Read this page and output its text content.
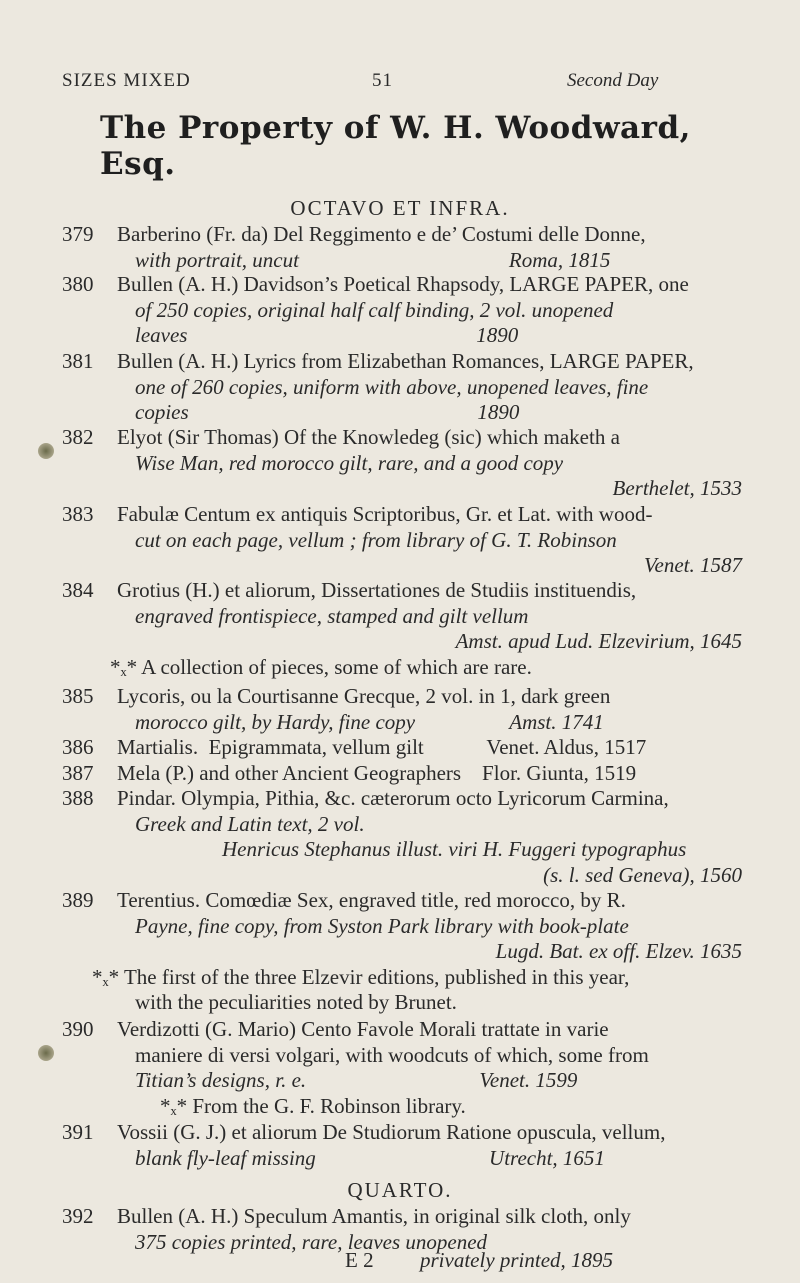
SIZES MIXED	51	Second Day
The Property of W. H. Woodward, Esq.
OCTAVO ET INFRA.
379	Barberino (Fr. da) Del Reggimento e de’ Costumi delle Donne,
with portrait, uncut                                        Roma, 1815
380	Bullen (A. H.) Davidson’s Poetical Rhapsody, LARGE PAPER, one
of 250 copies, original half calf binding, 2 vol. unopened
leaves                                                       1890
381	Bullen (A. H.) Lyrics from Elizabethan Romances, LARGE PAPER,
one of 260 copies, uniform with above, unopened leaves, fine
copies                                                       1890
382	Elyot (Sir Thomas) Of the Knowledeg (sic) which maketh a
Wise Man, red morocco gilt, rare, and a good copy
Berthelet, 1533
383	Fabulæ Centum ex antiquis Scriptoribus, Gr. et Lat. with wood-
cut on each page, vellum ; from library of G. T. Robinson
Venet. 1587
384	Grotius (H.) et aliorum, Dissertationes de Studiis instituendis,
engraved frontispiece, stamped and gilt vellum
Amst. apud Lud. Elzevirium, 1645
*ₓ* A collection of pieces, some of which are rare.
385	Lycoris, ou la Courtisanne Grecque, 2 vol. in 1, dark green
morocco gilt, by Hardy, fine copy                  Amst. 1741
386	Martialis.  Epigrammata, vellum gilt            Venet. Aldus, 1517
387	Mela (P.) and other Ancient Geographers    Flor. Giunta, 1519
388	Pindar. Olympia, Pithia, &c. cæterorum octo Lyricorum Carmina,
Greek and Latin text, 2 vol.
Henricus Stephanus illust. viri H. Fuggeri typographus
(s. l. sed Geneva), 1560
389	Terentius. Comœdiæ Sex, engraved title, red morocco, by R.
Payne, fine copy, from Syston Park library with book-plate
Lugd. Bat. ex off. Elzev. 1635
*ₓ* The first of the three Elzevir editions, published in this year,
with the peculiarities noted by Brunet.
390	Verdizotti (G. Mario) Cento Favole Morali trattate in varie
maniere di versi volgari, with woodcuts of which, some from
Titian’s designs, r. e.                                 Venet. 1599
*ₓ* From the G. F. Robinson library.
391	Vossii (G. J.) et aliorum De Studiorum Ratione opuscula, vellum,
blank fly-leaf missing                                 Utrecht, 1651
QUARTO.
392	Bullen (A. H.) Speculum Amantis, in original silk cloth, only
375 copies printed, rare, leaves unopened
privately printed, 1895
E 2
